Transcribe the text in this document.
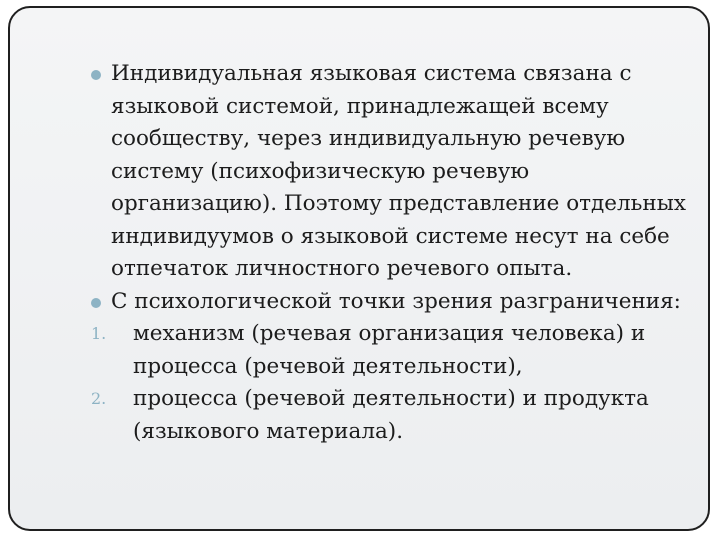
Индивидуальная языковая система связана с языковой системой, принадлежащей всему сообществу, через индивидуальную речевую систему (психофизическую речевую организацию). Поэтому представление отдельных индивидуумов о языковой системе несут на себе отпечаток личностного речевого опыта.
С психологической точки зрения разграничения:
1. механизм (речевая организация человека) и процесса (речевой деятельности),
2. процесса (речевой деятельности) и продукта (языкового материала).
